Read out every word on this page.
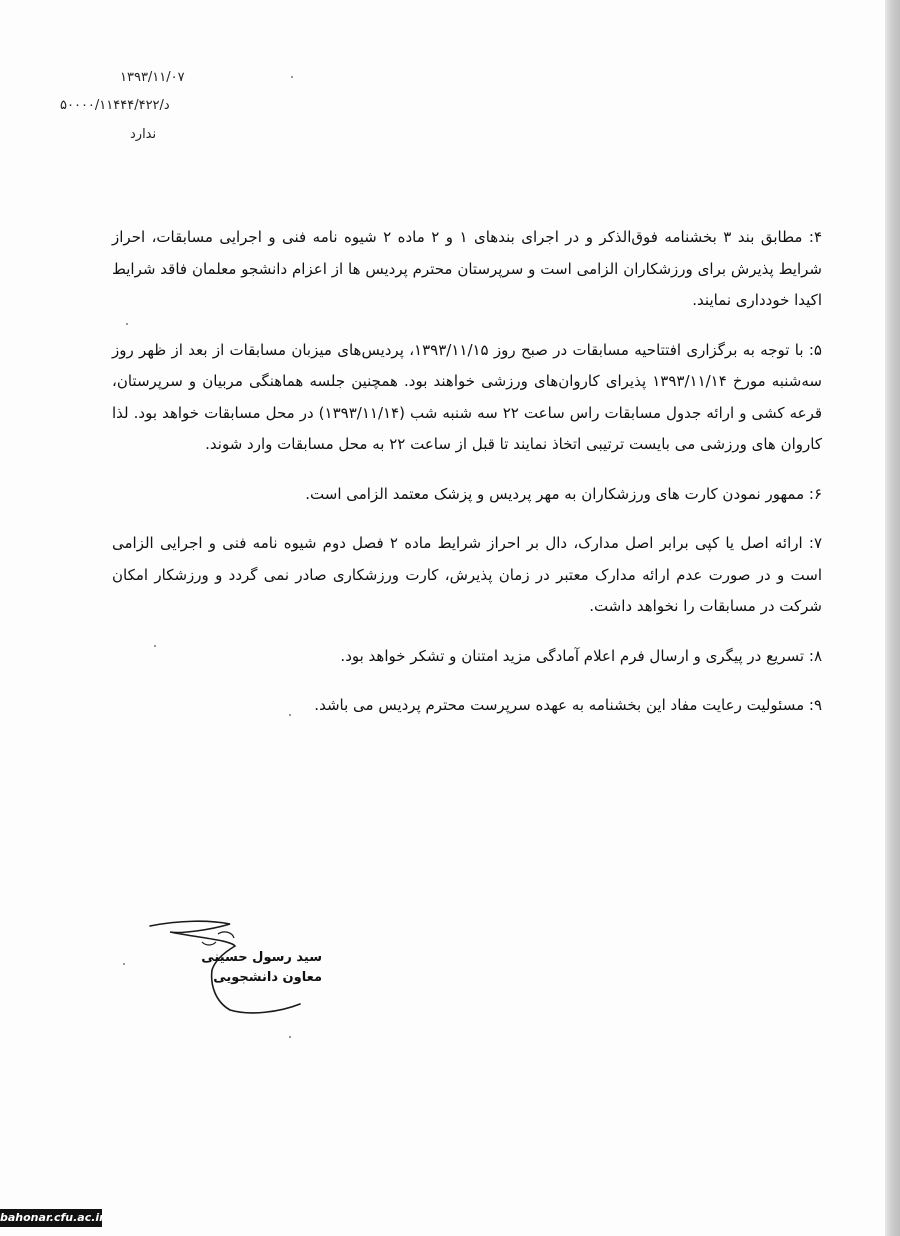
۱۳۹۳/۱۱/۰۷
د/۵۰۰۰۰/۱۱۴۴۴/۴۲۲
ندارد

۴: مطابق بند ۳ بخشنامه فوق‌الذکر و در اجرای بندهای ۱ و ۲ ماده ۲ شیوه نامه فنی و اجرایی مسابقات، احراز شرایط پذیرش برای ورزشکاران الزامی است و سرپرستان محترم پردیس ها از اعزام دانشجو معلمان فاقد شرایط اکیدا خودداری نمایند.

۵: با توجه به برگزاری افتتاحیه مسابقات در صبح روز ۱۳۹۳/۱۱/۱۵، پردیس‌های میزبان مسابقات از بعد از ظهر روز سه‌شنبه مورخ ۱۳۹۳/۱۱/۱۴ پذیرای کاروان‌های ورزشی خواهند بود. همچنین جلسه هماهنگی مربیان و سرپرستان، قرعه کشی و ارائه جدول مسابقات راس ساعت ۲۲ سه شنبه شب (۱۳۹۳/۱۱/۱۴) در محل مسابقات خواهد بود. لذا کاروان های ورزشی می بایست ترتیبی اتخاذ نمایند تا قبل از ساعت ۲۲ به محل مسابقات وارد شوند.

۶: ممهور نمودن کارت های ورزشکاران به مهر پردیس و پزشک معتمد الزامی است.

۷: ارائه اصل یا کپی برابر اصل مدارک، دال بر احراز شرایط ماده ۲ فصل دوم شیوه نامه فنی و اجرایی الزامی است و در صورت عدم ارائه مدارک معتبر در زمان پذیرش، کارت ورزشکاری صادر نمی گردد و ورزشکار امکان شرکت در مسابقات را نخواهد داشت.

۸: تسریع در پیگری و ارسال فرم اعلام آمادگی مزید امتنان و تشکر خواهد بود.

۹: مسئولیت رعایت مفاد این بخشنامه به عهده سرپرست محترم پردیس می باشد.

سید رسول حسینی
معاون دانشجویی
bahonar.cfu.ac.ir
